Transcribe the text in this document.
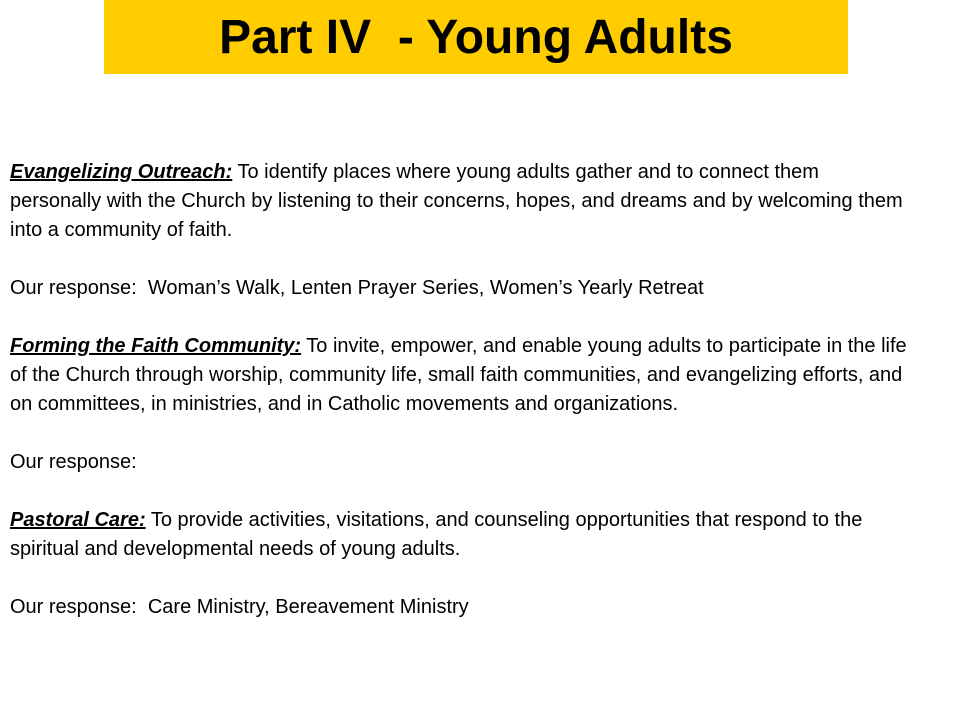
Part IV  - Young Adults

Evangelizing Outreach: To identify places where young adults gather and to connect them personally with the Church by listening to their concerns, hopes, and dreams and by welcoming them into a community of faith.

Our response:  Woman’s Walk, Lenten Prayer Series, Women’s Yearly Retreat

Forming the Faith Community: To invite, empower, and enable young adults to participate in the life of the Church through worship, community life, small faith communities, and evangelizing efforts, and on committees, in ministries, and in Catholic movements and organizations.

Our response:

Pastoral Care: To provide activities, visitations, and counseling opportunities that respond to the spiritual and developmental needs of young adults.

Our response:  Care Ministry, Bereavement Ministry
